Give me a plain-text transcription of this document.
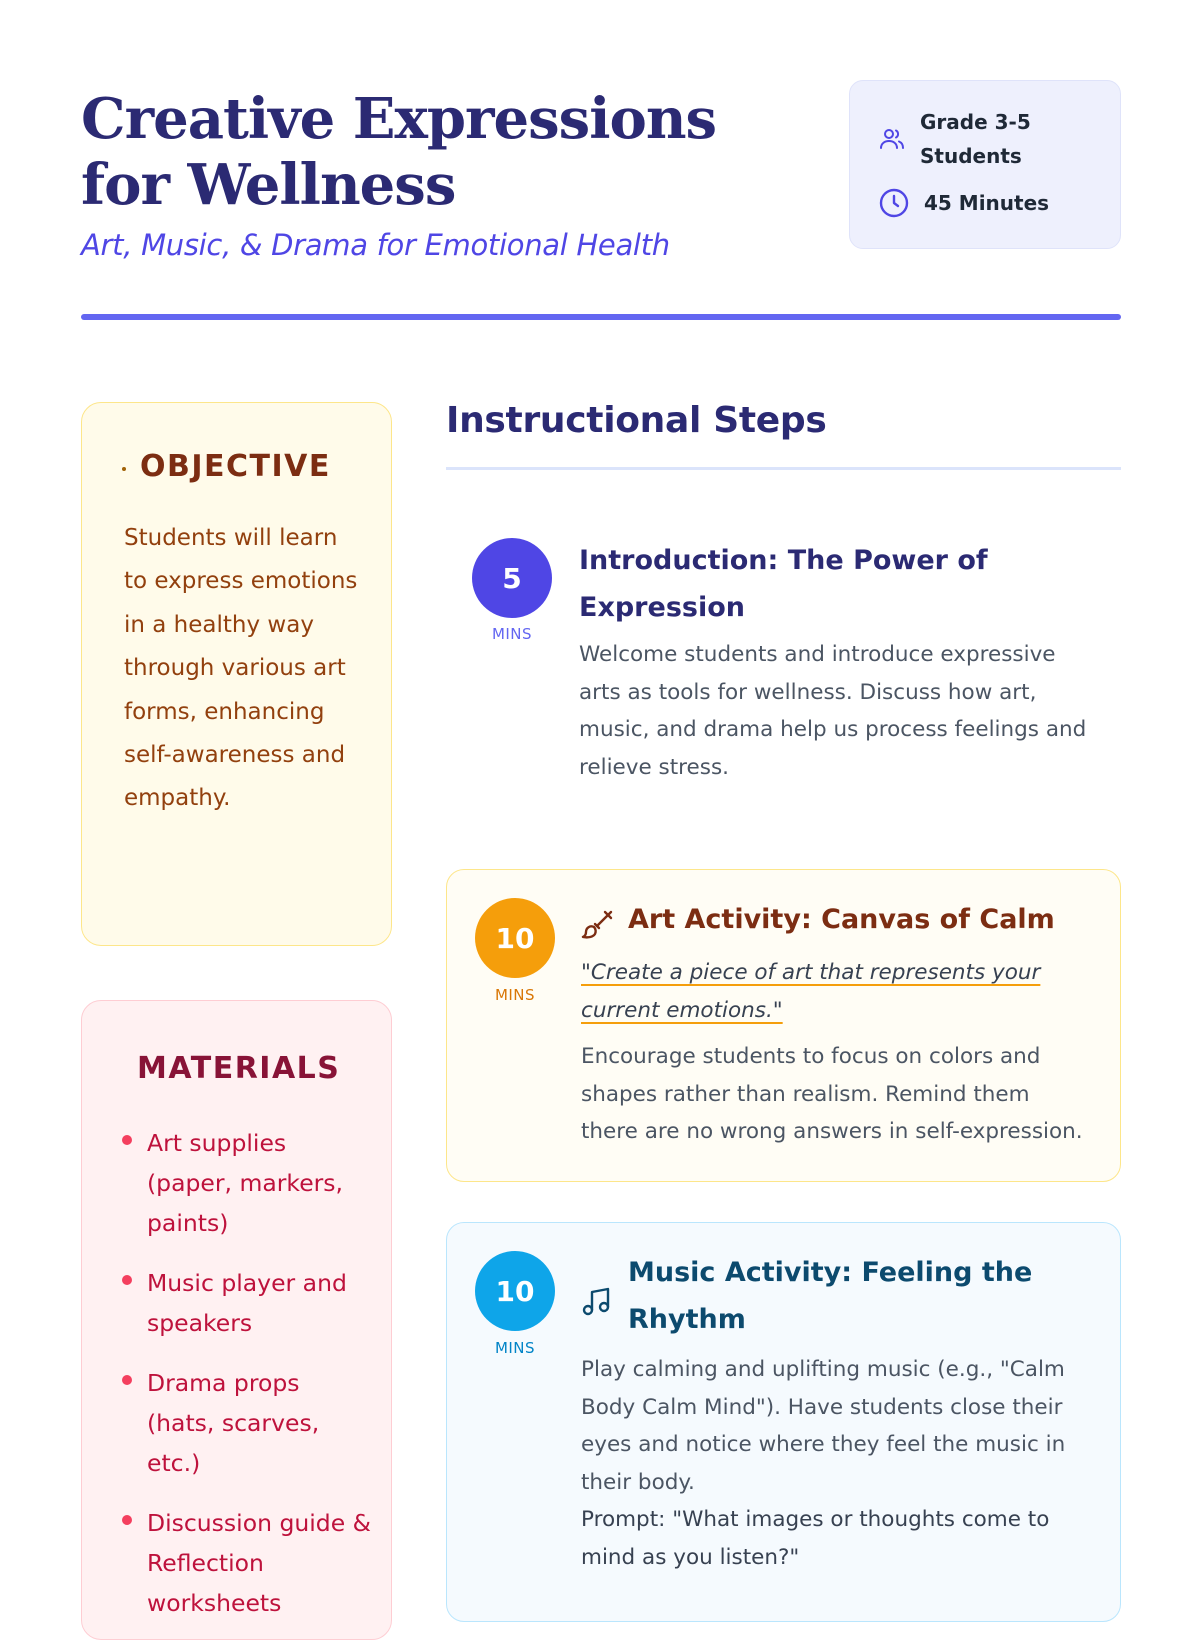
Creative Expressions for Wellness
Art, Music, & Drama for Emotional Health
Grade 3-5 Students
45 Minutes
OBJECTIVE

Students will learn to express emotions in a healthy way through various art forms, enhancing self-awareness and empathy.

MATERIALS
Art supplies (paper, markers, paints)
Music player and speakers
Drama props (hats, scarves, etc.)
Discussion guide & Reflection worksheets
Instructional Steps
5
MINS
Introduction: The Power of Expression

Welcome students and introduce expressive arts as tools for wellness. Discuss how art, music, and drama help us process feelings and relieve stress.

10
MINS
Art Activity: Canvas of Calm

"Create a piece of art that represents your current emotions."

Encourage students to focus on colors and shapes rather than realism. Remind them there are no wrong answers in self-expression.

10
MINS
Music Activity: Feeling the Rhythm

Play calming and uplifting music (e.g., "Calm Body Calm Mind"). Have students close their eyes and notice where they feel the music in their body.

Prompt: "What images or thoughts come to mind as you listen?"
